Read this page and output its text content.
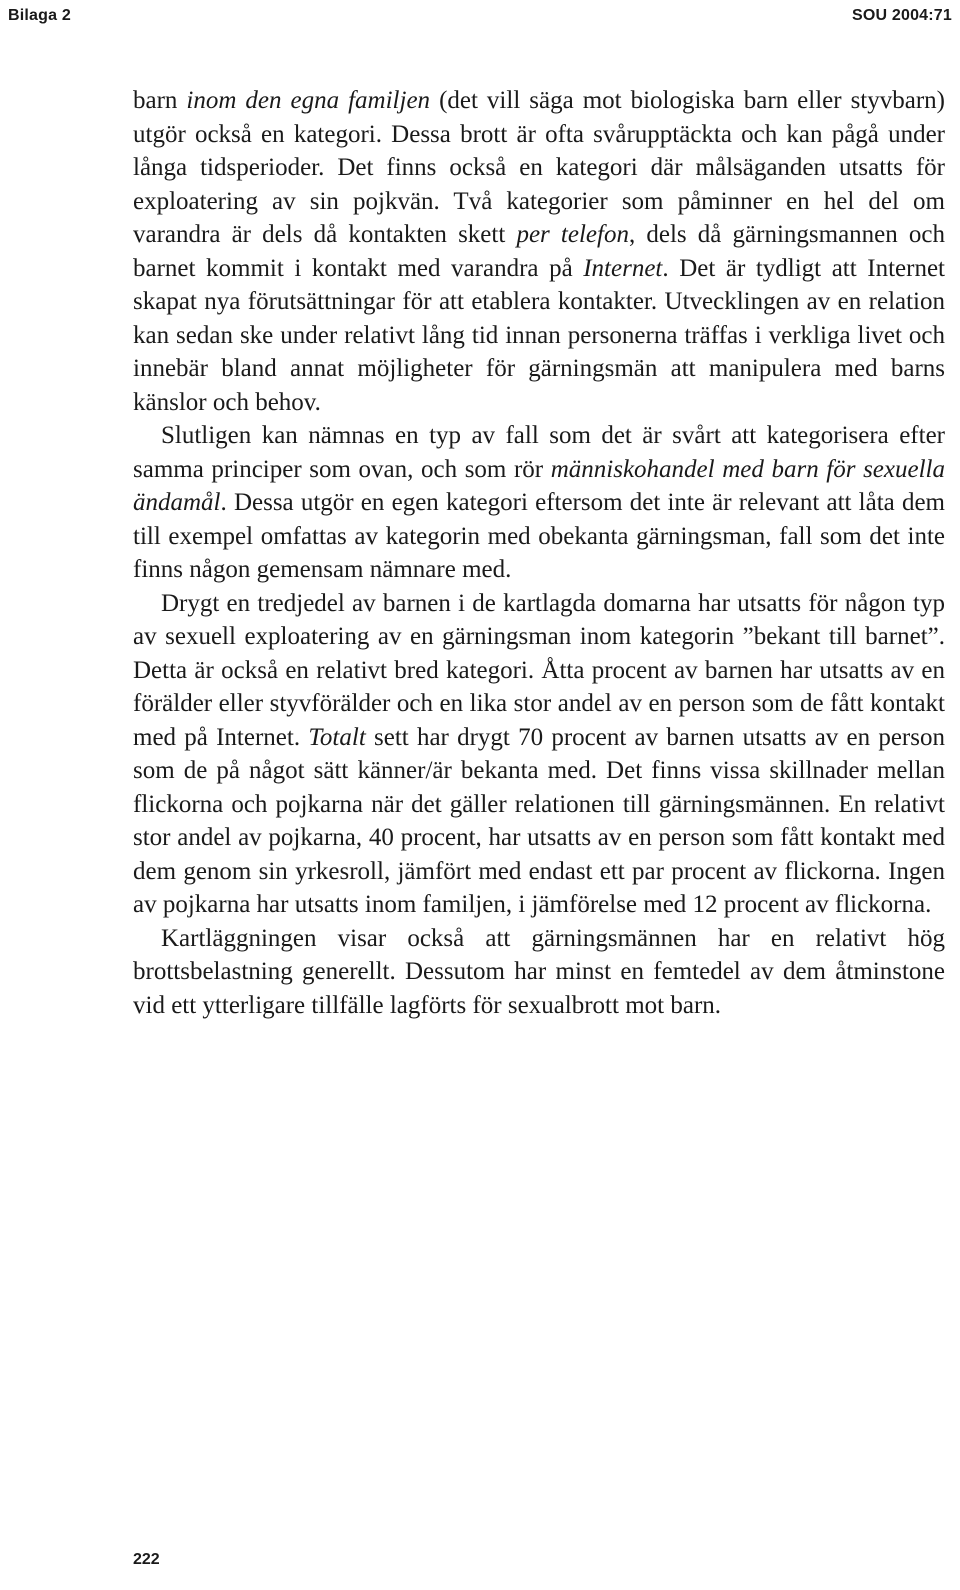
Bilaga 2	SOU 2004:71

barn inom den egna familjen (det vill säga mot biologiska barn eller styvbarn) utgör också en kategori. Dessa brott är ofta svårupptäckta och kan pågå under långa tidsperioder. Det finns också en kategori där målsäganden utsatts för exploatering av sin pojkvän. Två kategorier som påminner en hel del om varandra är dels då kontakten skett per telefon, dels då gärningsmannen och barnet kommit i kontakt med varandra på Internet. Det är tydligt att Internet skapat nya förutsättningar för att etablera kontakter. Utvecklingen av en relation kan sedan ske under relativt lång tid innan personerna träffas i verkliga livet och innebär bland annat möjligheter för gärningsmän att manipulera med barns känslor och behov.

Slutligen kan nämnas en typ av fall som det är svårt att kategorisera efter samma principer som ovan, och som rör människohandel med barn för sexuella ändamål. Dessa utgör en egen kategori eftersom det inte är relevant att låta dem till exempel omfattas av kategorin med obekanta gärningsman, fall som det inte finns någon gemensam nämnare med.

Drygt en tredjedel av barnen i de kartlagda domarna har utsatts för någon typ av sexuell exploatering av en gärningsman inom kategorin ”bekant till barnet”. Detta är också en relativt bred kategori. Åtta procent av barnen har utsatts av en förälder eller styvförälder och en lika stor andel av en person som de fått kontakt med på Internet. Totalt sett har drygt 70 procent av barnen utsatts av en person som de på något sätt känner/är bekanta med. Det finns vissa skillnader mellan flickorna och pojkarna när det gäller relationen till gärningsmännen. En relativt stor andel av pojkarna, 40 procent, har utsatts av en person som fått kontakt med dem genom sin yrkesroll, jämfört med endast ett par procent av flickorna. Ingen av pojkarna har utsatts inom familjen, i jämförelse med 12 procent av flickorna.

Kartläggningen visar också att gärningsmännen har en relativt hög brottsbelastning generellt. Dessutom har minst en femtedel av dem åtminstone vid ett ytterligare tillfälle lagförts för sexualbrott mot barn.

222
